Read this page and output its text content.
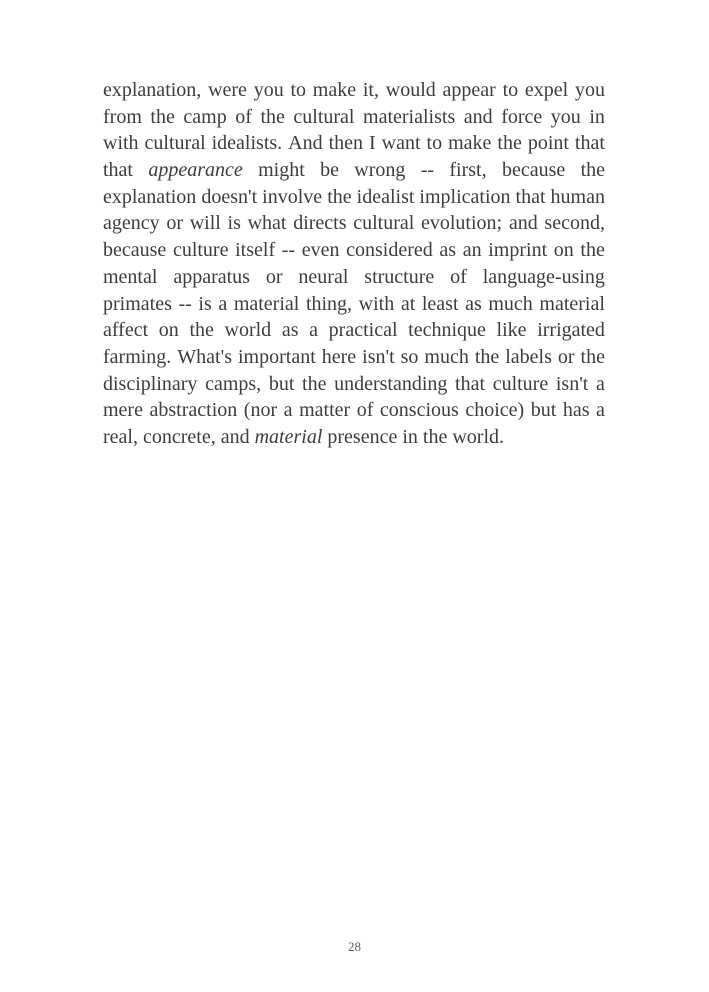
explanation, were you to make it, would appear to expel you
from the camp of the cultural materialists and force you in
with cultural idealists. And then I want to make the point that
that appearance might be wrong -- first, because the
explanation doesn't involve the idealist implication that human
agency or will is what directs cultural evolution; and second,
because culture itself -- even considered as an imprint on the
mental apparatus or neural structure of language-using
primates -- is a material thing, with at least as much material
affect on the world as a practical technique like irrigated
farming. What's important here isn't so much the labels or the
disciplinary camps, but the understanding that culture isn't a
mere abstraction (nor a matter of conscious choice) but has a
real, concrete, and material presence in the world.
28
